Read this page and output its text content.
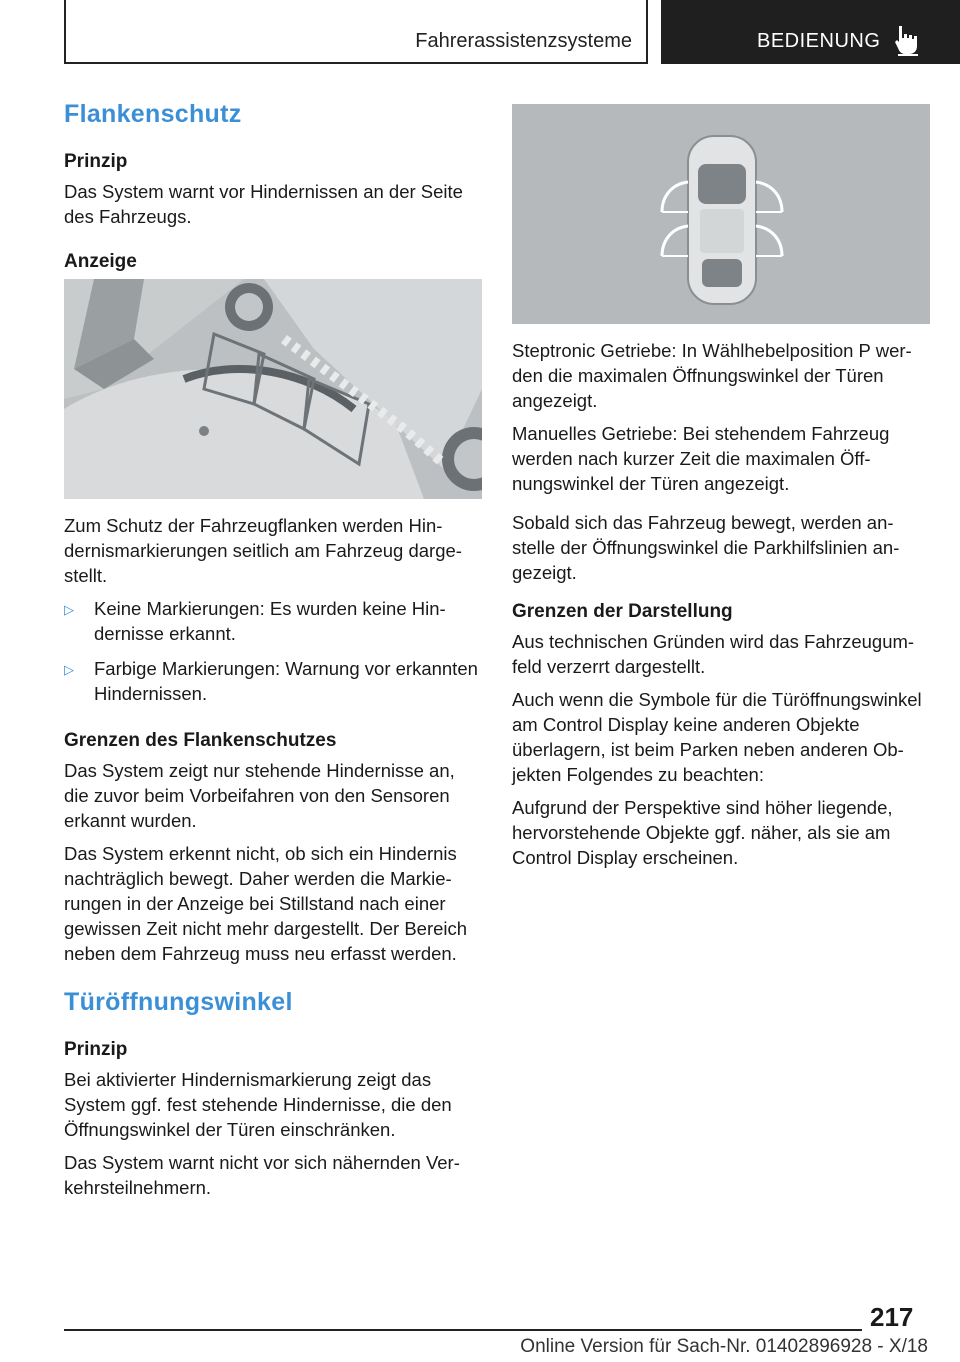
Fahrerassistenzsysteme	BEDIENUNG
Flankenschutz
Prinzip

Das System warnt vor Hindernissen an der Seite des Fahrzeugs.

Anzeige

Zum Schutz der Fahrzeugflanken werden Hindernismarkierungen seitlich am Fahrzeug dargestellt.

▷	Keine Markierungen: Es wurden keine Hindernisse erkannt.
▷	Farbige Markierungen: Warnung vor erkannten Hindernissen.
Grenzen des Flankenschutzes

Das System zeigt nur stehende Hindernisse an, die zuvor beim Vorbeifahren von den Sensoren erkannt wurden.

Das System erkennt nicht, ob sich ein Hindernis nachträglich bewegt. Daher werden die Markierungen in der Anzeige bei Stillstand nach einer gewissen Zeit nicht mehr dargestellt. Der Bereich neben dem Fahrzeug muss neu erfasst werden.

Türöffnungswinkel
Prinzip

Bei aktivierter Hindernismarkierung zeigt das System ggf. fest stehende Hindernisse, die den Öffnungswinkel der Türen einschränken.

Das System warnt nicht vor sich nähernden Verkehrsteilnehmern.

Steptronic Getriebe: In Wählhebelposition P werden die maximalen Öffnungswinkel der Türen angezeigt.

Manuelles Getriebe: Bei stehendem Fahrzeug werden nach kurzer Zeit die maximalen Öffnungswinkel der Türen angezeigt.

Sobald sich das Fahrzeug bewegt, werden anstelle der Öffnungswinkel die Parkhilfslinien angezeigt.

Grenzen der Darstellung

Aus technischen Gründen wird das Fahrzeugumfeld verzerrt dargestellt.

Auch wenn die Symbole für die Türöffnungswinkel am Control Display keine anderen Objekte überlagern, ist beim Parken neben anderen Objekten Folgendes zu beachten:

Aufgrund der Perspektive sind höher liegende, hervorstehende Objekte ggf. näher, als sie am Control Display erscheinen.

217
Online Version für Sach-Nr. 01402896928 - X/18
